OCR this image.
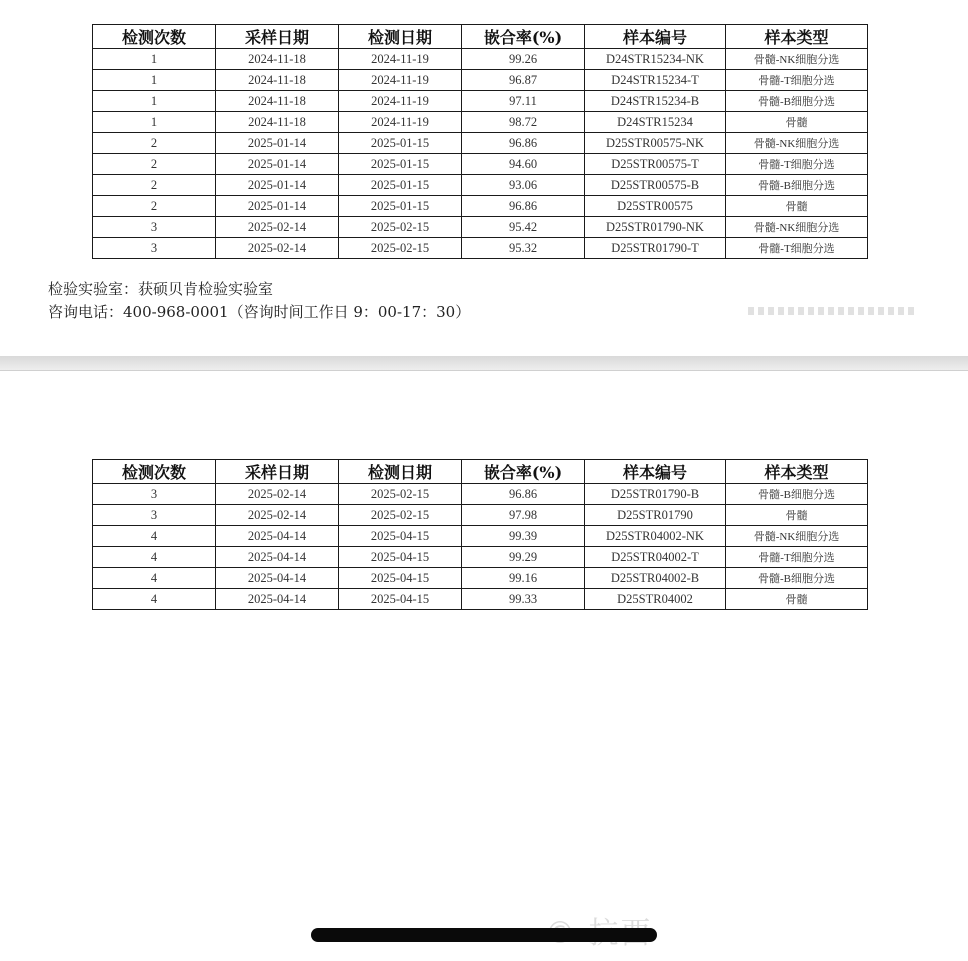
检测次数	采样日期	检测日期	嵌合率(%)	样本编号	样本类型
1	2024-11-18	2024-11-19	99.26	D24STR15234-NK	骨髓-NK细胞分选
1	2024-11-18	2024-11-19	96.87	D24STR15234-T	骨髓-T细胞分选
1	2024-11-18	2024-11-19	97.11	D24STR15234-B	骨髓-B细胞分选
1	2024-11-18	2024-11-19	98.72	D24STR15234	骨髓
2	2025-01-14	2025-01-15	96.86	D25STR00575-NK	骨髓-NK细胞分选
2	2025-01-14	2025-01-15	94.60	D25STR00575-T	骨髓-T细胞分选
2	2025-01-14	2025-01-15	93.06	D25STR00575-B	骨髓-B细胞分选
2	2025-01-14	2025-01-15	96.86	D25STR00575	骨髓
3	2025-02-14	2025-02-15	95.42	D25STR01790-NK	骨髓-NK细胞分选
3	2025-02-14	2025-02-15	95.32	D25STR01790-T	骨髓-T细胞分选
检验实验室：获硕贝肯检验实验室
咨询电话：400-968-0001（咨询时间工作日 9：00-17：30）
检测次数	采样日期	检测日期	嵌合率(%)	样本编号	样本类型
3	2025-02-14	2025-02-15	96.86	D25STR01790-B	骨髓-B细胞分选
3	2025-02-14	2025-02-15	97.98	D25STR01790	骨髓
4	2025-04-14	2025-04-15	99.39	D25STR04002-NK	骨髓-NK细胞分选
4	2025-04-14	2025-04-15	99.29	D25STR04002-T	骨髓-T细胞分选
4	2025-04-14	2025-04-15	99.16	D25STR04002-B	骨髓-B细胞分选
4	2025-04-14	2025-04-15	99.33	D25STR04002	骨髓
